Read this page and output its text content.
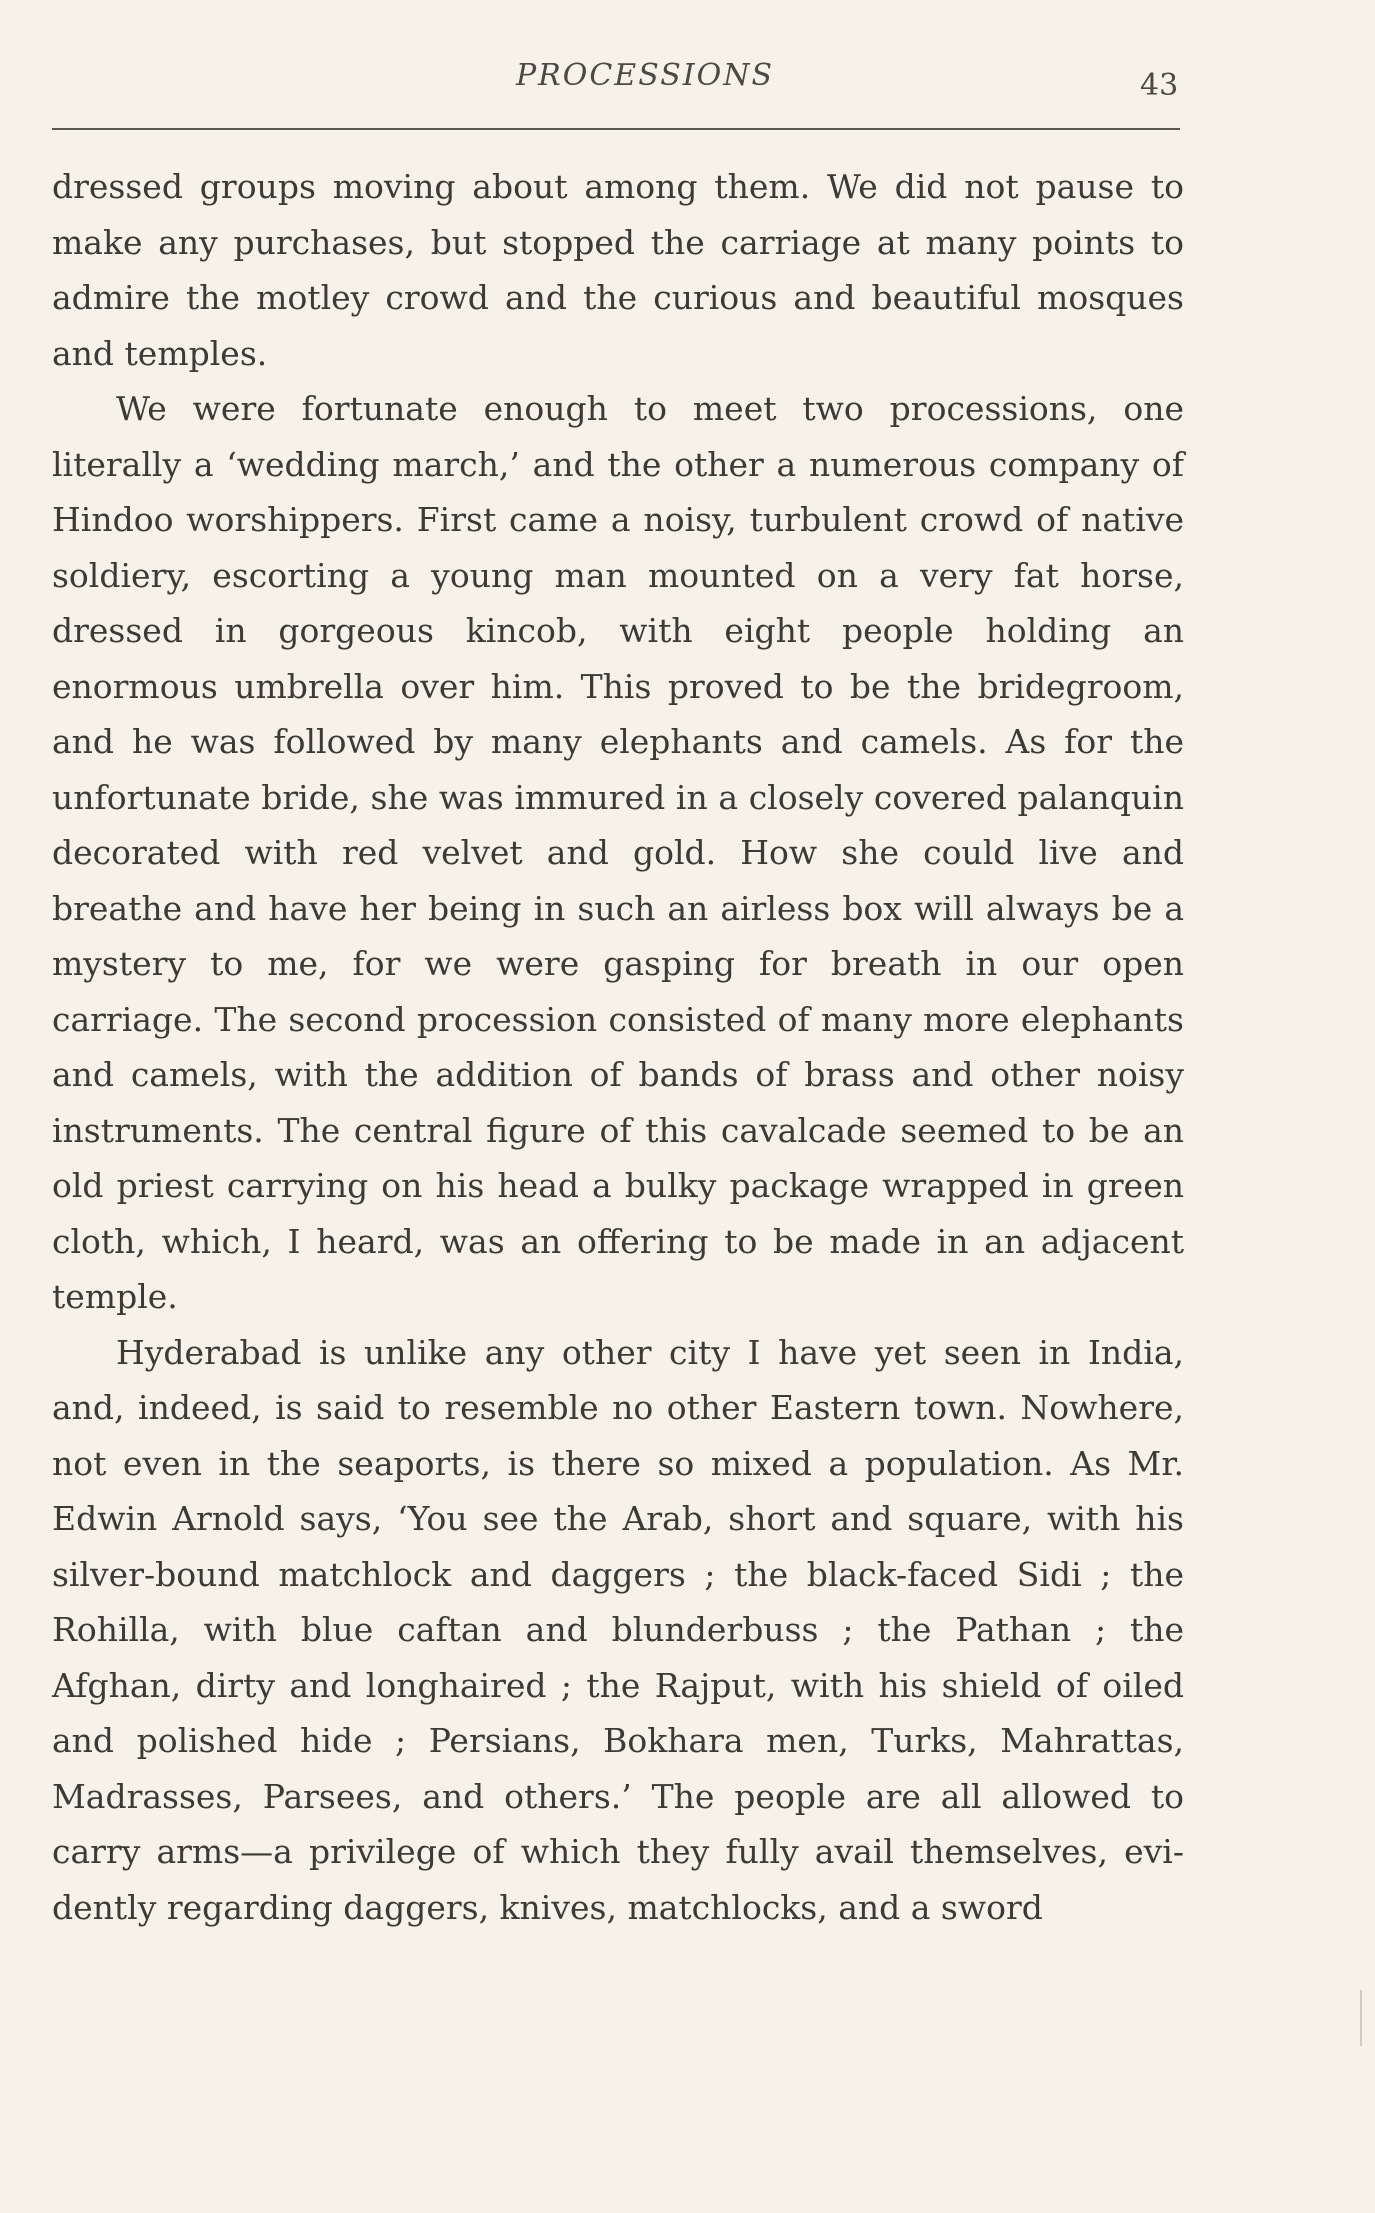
PROCESSIONS	43

dressed groups moving about among them. We did not pause to make any purchases, but stopped the carriage at many points to admire the motley crowd and the curious and beautiful mosques and temples.

We were fortunate enough to meet two processions, one literally a ‘wedding march,’ and the other a numerous company of Hindoo worshippers. First came a noisy, turbulent crowd of native soldiery, escorting a young man mounted on a very fat horse, dressed in gorgeous kincob, with eight people holding an enormous umbrella over him. This proved to be the bridegroom, and he was followed by many elephants and camels. As for the unfortunate bride, she was immured in a closely covered palanquin decorated with red velvet and gold. How she could live and breathe and have her being in such an airless box will always be a mystery to me, for we were gasping for breath in our open carriage. The second procession consisted of many more elephants and camels, with the addition of bands of brass and other noisy instruments. The central figure of this cavalcade seemed to be an old priest carrying on his head a bulky package wrapped in green cloth, which, I heard, was an offering to be made in an adjacent temple.

Hyderabad is unlike any other city I have yet seen in India, and, indeed, is said to resemble no other Eastern town. Nowhere, not even in the seaports, is there so mixed a population. As Mr. Edwin Arnold says, ‘You see the Arab, short and square, with his silver-bound matchlock and daggers ; the black-faced Sidi ; the Rohilla, with blue caftan and blunderbuss ; the Pathan ; the Afghan, dirty and longhaired ; the Rajput, with his shield of oiled and polished hide ; Persians, Bokhara men, Turks, Mahrattas, Madrasses, Parsees, and others.’ The people are all allowed to carry arms—a privilege of which they fully avail themselves, evidently regarding daggers, knives, matchlocks, and a sword
